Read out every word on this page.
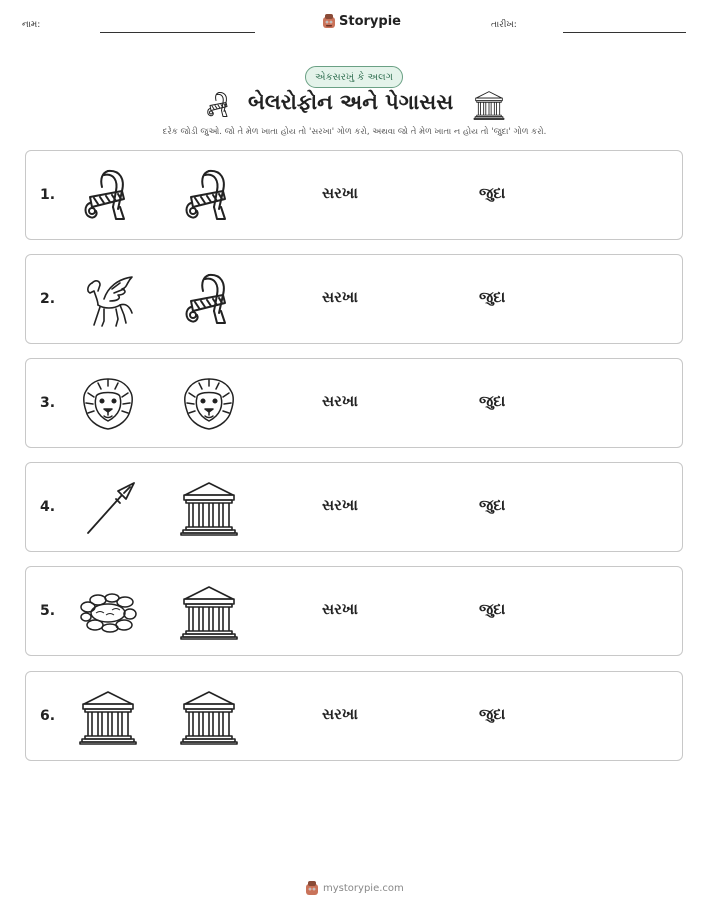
નામ:	Storypie	તારીખ:
એકસરખું કે અલગ
બેલરોફોન અને પેગાસસ
દરેક જોડી જુઓ. જો તે મેળ ખાતા હોય તો 'સરખા' ગોળ કરો, અથવા જો તે મેળ ખાતા ન હોય તો 'જુદા' ગોળ કરો.
1.	સરખા	જુદા
2.	સરખા	જુદા
3.	સરખા	જુદા
4.	સરખા	જુદા
5.	સરખા	જુદા
6.	સરખા	જુદા
mystorypie.com
